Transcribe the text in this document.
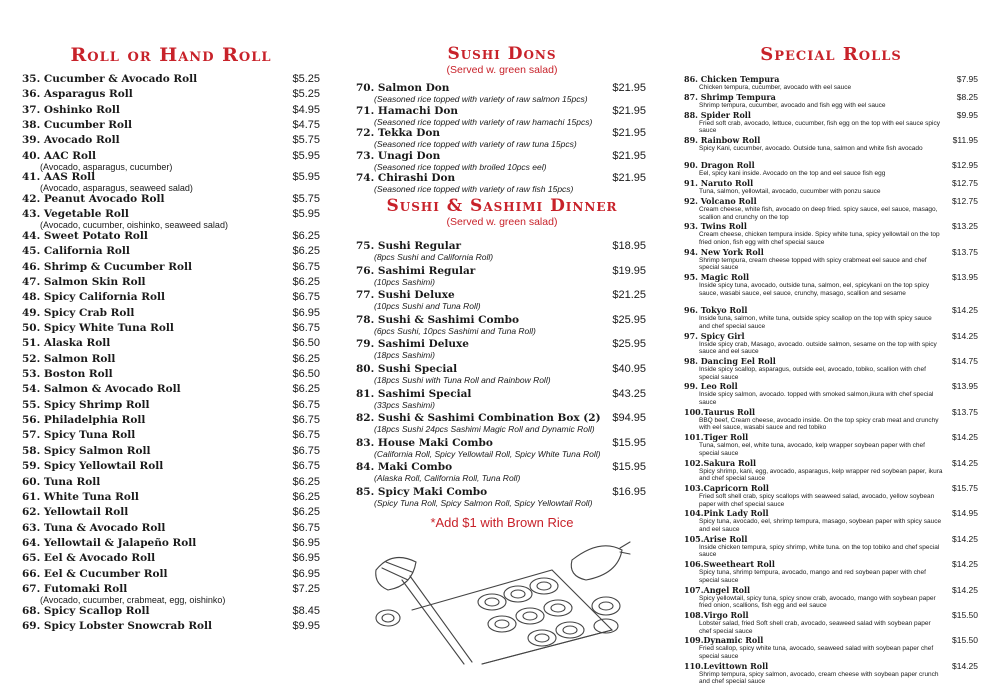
Roll or Hand Roll
35. Cucumber & Avocado Roll	$5.25
36. Asparagus Roll	$5.25
37. Oshinko Roll	$4.95
38. Cucumber Roll	$4.75
39. Avocado Roll	$5.75
40. AAC Roll	$5.95
(Avocado, asparagus, cucumber)
41. AAS Roll	$5.95
(Avocado, asparagus, seaweed salad)
42. Peanut Avocado Roll	$5.75
43. Vegetable Roll	$5.95
(Avocado, cucumber, oishinko, seaweed salad)
44. Sweet Potato Roll	$6.25
45. California Roll	$6.25
46. Shrimp & Cucumber Roll	$6.75
47. Salmon Skin Roll	$6.25
48. Spicy California Roll	$6.75
49. Spicy Crab Roll	$6.95
50. Spicy White Tuna Roll	$6.75
51. Alaska Roll	$6.50
52. Salmon Roll	$6.25
53. Boston Roll	$6.50
54. Salmon & Avocado Roll	$6.25
55. Spicy Shrimp Roll	$6.75
56. Philadelphia Roll	$6.75
57. Spicy Tuna Roll	$6.75
58. Spicy Salmon Roll	$6.75
59. Spicy Yellowtail Roll	$6.75
60. Tuna Roll	$6.25
61. White Tuna Roll	$6.25
62. Yellowtail Roll	$6.25
63. Tuna & Avocado Roll	$6.75
64. Yellowtail & Jalapeño Roll	$6.95
65. Eel & Avocado Roll	$6.95
66. Eel & Cucumber Roll	$6.95
67. Futomaki Roll	$7.25
(Avocado, cucumber, crabmeat, egg, oishinko)
68. Spicy Scallop Roll	$8.45
69. Spicy Lobster Snowcrab Roll	$9.95
Sushi Dons
(Served w. green salad)
70. Salmon Don	$21.95
(Seasoned rice topped with variety of raw salmon 15pcs)
71. Hamachi Don	$21.95
(Seasoned rice topped with variety of raw hamachi 15pcs)
72. Tekka Don	$21.95
(Seasoned rice topped with variety of raw tuna 15pcs)
73. Unagi Don	$21.95
(Seasoned rice topped with broiled 10pcs eel)
74. Chirashi Don	$21.95
(Seasoned rice topped with variety of raw fish 15pcs)
Sushi & Sashimi Dinner
(Served w. green salad)
75. Sushi Regular	$18.95
(8pcs Sushi and California Roll)
76. Sashimi Regular	$19.95
(10pcs Sashimi)
77. Sushi Deluxe	$21.25
(10pcs Sushi and Tuna Roll)
78. Sushi & Sashimi Combo	$25.95
(6pcs Sushi, 10pcs Sashimi and Tuna Roll)
79. Sashimi Deluxe	$25.95
(18pcs Sashimi)
80. Sushi Special	$40.95
(18pcs Sushi with Tuna Roll and Rainbow Roll)
81. Sashimi Special	$43.25
(33pcs Sashimi)
82. Sushi & Sashimi Combination Box (2)	$94.95
(18pcs Sushi 24pcs Sashimi Magic Roll and Dynamic Roll)
83. House Maki Combo	$15.95
(California Roll, Spicy Yellowtail Roll, Spicy White Tuna Roll)
84. Maki Combo	$15.95
(Alaska Roll, California Roll, Tuna Roll)
85. Spicy Maki Combo	$16.95
(Spicy Tuna Roll, Spicy Salmon Roll, Spicy Yellowtail Roll)
*Add $1 with Brown Rice
Special Rolls
86. Chicken Tempura	$7.95
Chicken tempura, cucumber, avocado with eel sauce
87. Shrimp Tempura	$8.25
Shrimp tempura, cucumber, avocado and fish egg with eel sauce
88. Spider Roll	$9.95
Fried soft crab, avocado, lettuce, cucumber, fish egg on the top with eel sauce spicy sauce
89. Rainbow Roll	$11.95
Spicy Kani, cucumber, avocado. Outside tuna, salmon and white fish avocado
90. Dragon Roll	$12.95
Eel, spicy kani inside. Avocado on the top and eel sauce fish egg
91. Naruto Roll	$12.75
Tuna, salmon, yellowtail, avocado, cucumber with ponzu sauce
92. Volcano Roll	$12.75
Cream cheese, white fish, avocado on deep fried. spicy sauce, eel sauce, masago, scallion and crunchy on the top
93. Twins Roll	$13.25
Cream cheese, chicken tempura inside. Spicy white tuna, spicy yellowtail on the top fried onion, fish egg with chef special sauce
94. New York Roll	$13.75
Shrimp tempura, cream cheese topped with spicy crabmeat eel sauce and chef special sauce
95. Magic Roll	$13.95
Inside spicy tuna, avocado, outside tuna, salmon, eel, spicykani on the top spicy sauce, wasabi sauce, eel sauce, crunchy, masago, scallion and sesame
96. Tokyo Roll	$14.25
Inside tuna, salmon, white tuna, outside spicy scallop on the top with spicy sauce and chef special sauce
97. Spicy Girl	$14.25
Inside spicy crab, Masago, avocado. outside salmon, sesame on the top with spicy sauce and eel sauce
98. Dancing Eel Roll	$14.75
Inside spicy scallop, asparagus, outside eel, avocado, tobiko, scallion with chef special sauce
99. Leo Roll	$13.95
Inside spicy salmon, avocado. topped with smoked salmon,ikura with chef special sauce
100.Taurus Roll	$13.75
BBQ beef, Cream cheese, avocado inside. On the top spicy crab meat and crunchy with eel sauce, wasabi sauce and red tobiko
101.Tiger Roll	$14.25
Tuna, salmon, eel, white tuna, avocado, kelp wrapper soybean paper with chef special sauce
102.Sakura Roll	$14.25
Spicy shrimp, kani, egg, avocado, asparagus, kelp wrapper red soybean paper, ikura and chef special sauce
103.Capricorn Roll	$15.75
Fried soft shell crab, spicy scallops with seaweed salad, avocado, yellow soybean paper with chef special sauce
104.Pink Lady Roll	$14.95
Spicy tuna, avocado, eel, shrimp tempura, masago, soybean paper with spicy sauce and eel sauce
105.Arise Roll	$14.25
Inside chicken tempura, spicy shrimp, white tuna. on the top tobiko and chef special sauce
106.Sweetheart Roll	$14.25
Spicy tuna, shrimp tempura, avocado, mango and red soybean paper with chef special sauce
107.Angel Roll	$14.25
Spicy yellowtail, spicy tuna, spicy snow crab, avocado, mango with soybean paper fried onion, scallions, fish egg and eel sauce
108.Virgo Roll	$15.50
Lobster salad, fried Soft shell crab, avocado, seaweed salad with soybean paper chef special sauce
109.Dynamic Roll	$15.50
Fried scallop, spicy white tuna, avocado, seaweed salad with soybean paper chef special sauce
110.Levittown Roll	$14.25
Shrimp tempura, spicy salmon, avocado, cream cheese with soybean paper crunch and chef special sauce
